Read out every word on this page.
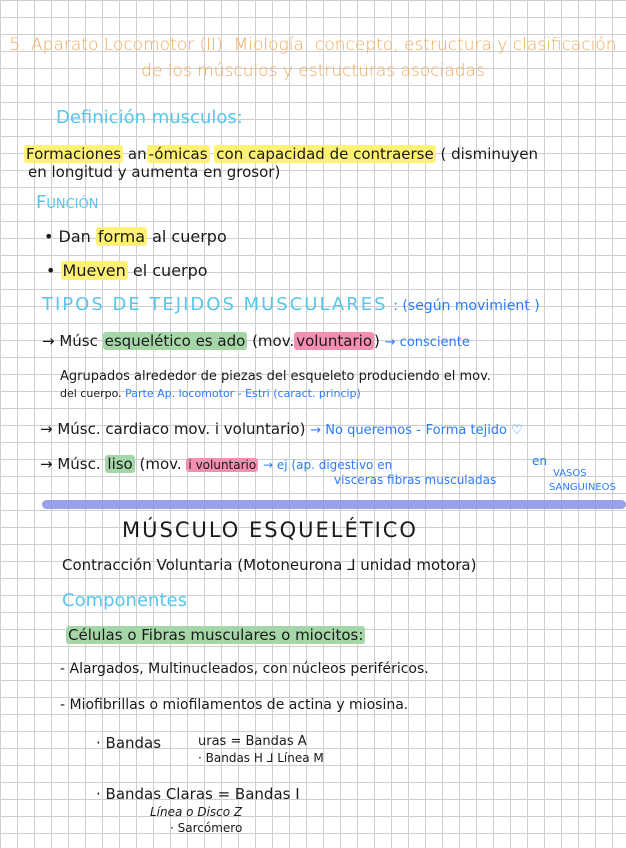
5. Aparato Locomotor (II). Miología: concepto, estructura y clasificación
de los músculos y estructuras asociadas
Definición musculos:
Formaciones an -ómicas con capacidad de contraerse ( disminuyen
en longitud y aumenta en grosor)
Función
• Dan forma al cuerpo
• Mueven el cuerpo
TIPOS DE TEJIDOS MUSCULARES : (según movimient )
→ Músc esquelético es ado (mov. voluntario ) → consciente
Agrupados alrededor de piezas del esqueleto produciendo el mov.
del cuerpo. Parte Ap. locomotor - Estri (caract. princip)
→ Músc. cardiaco mov. i voluntario) → No queremos - Forma tejido ♡
→ Músc. liso (mov. i voluntario → ej (ap. digestivo en	en
visceras fibras musculadas	VASOS
SANGUINEOS
MÚSCULO ESQUELÉTICO
Contracción Voluntaria (Motoneurona ⅃ unidad motora)
Componentes
Células o Fibras musculares o miocitos:
- Alargados, Multinucleados, con núcleos periféricos.
- Miofibrillas o miofilamentos de actina y miosina.
· Bandas	uras = Bandas A
· Bandas H ⅃ Línea M
· Bandas Claras = Bandas I
Línea o Disco Z
· Sarcómero
